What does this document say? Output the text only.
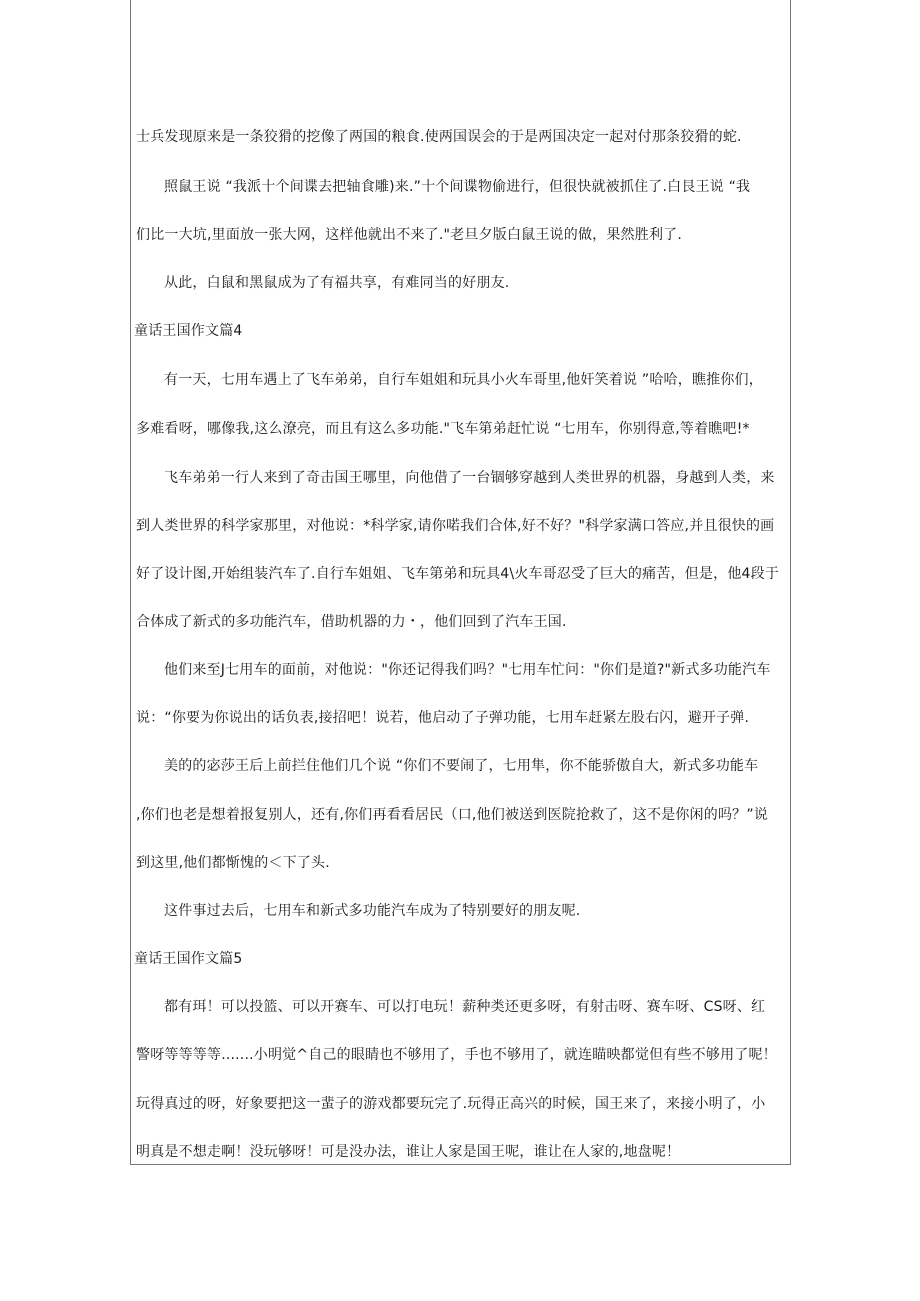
士兵发现原来是一条狡猾的挖像了两国的粮食.使两国误会的于是两国决定一起对付那条狡猾的蛇.
照鼠王说 “我派十个间谍去把轴食雕)来.”十个间谍物偷进行，但很快就被抓住了.白艮王说 “我
们比一大坑,里面放一张大网，这样他就出不来了."老旦夕版白鼠王说的做，果然胜利了.
从此，白鼠和黑鼠成为了有福共享，有难同当的好朋友.
童话王国作文篇4
有一天，七用车遇上了飞车弟弟，自行车姐姐和玩具小火车哥里,他奸笑着说 ”哈哈，瞧推你们，
多难看呀，哪像我,这么潦亮，而且有这么多功能."飞车第弟赶忙说 “七用车，你别得意,等着瞧吧!*
飞车弟弟一行人来到了奇击国王哪里，向他借了一台锢够穿越到人类世界的机器，身越到人类，来
到人类世界的科学家那里，对他说：*科学家,请你喏我们合体,好不好？"科学家满口答应,并且很快的画
好了设计图,开始组装汽车了.自行车姐姐、飞车第弟和玩具4\火车哥忍受了巨大的痛苦，但是，他4段于
合体成了新式的多功能汽车，借助机器的力・，他们回到了汽车王国.
他们来至J七用车的面前，对他说："你还记得我们吗？"七用车忙问："你们是道?"新式多功能汽车
说：“你要为你说出的话负表,接招吧！说若，他启动了子弹功能，七用车赶紧左股右闪，避开子弹.
美的的宓莎王后上前拦住他们几个说 “你们不要闹了，七用隼，你不能骄傲自大，新式多功能车
,你们也老是想着报复别人，还有,你们再看看居民（口,他们被送到医院抢救了，这不是你闲的吗？”说
到这里,他们都惭愧的＜下了头.
这件事过去后，七用车和新式多功能汽车成为了特别要好的朋友呢.
童话王国作文篇5
都有珥！可以投篮、可以开赛车、可以打电玩！薪种类还更多呀，有射击呀、赛车呀、CS呀、红
警呀等等等等.......小明觉^自己的眼睛也不够用了，手也不够用了，就连瞄映都觉但有些不够用了呢！
玩得真过的呀，好象要把这一蜚子的游戏都要玩完了.玩得正高兴的时候，国王来了，来接小明了，小
明真是不想走啊！没玩够呀！可是没办法，谁让人家是国王呢，谁让在人家的,地盘呢！
